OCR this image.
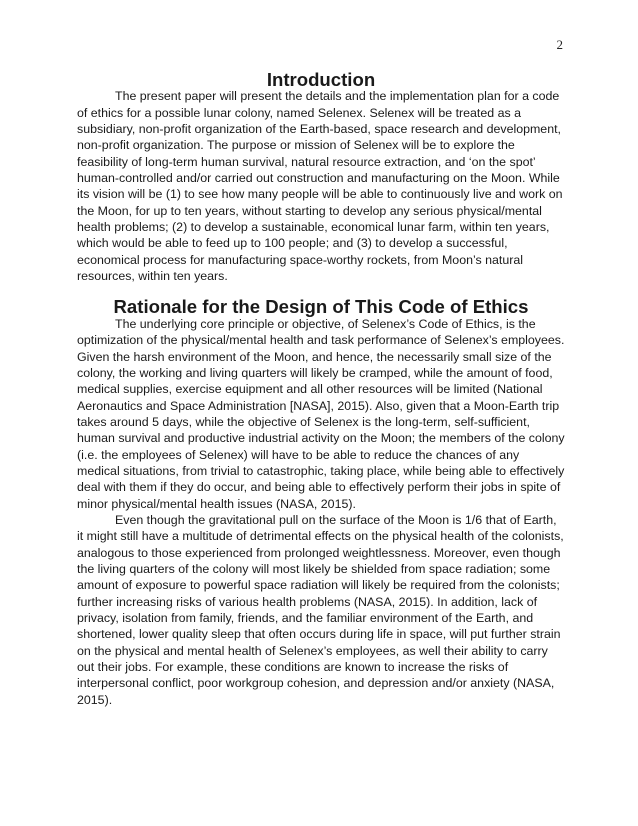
2
Introduction

The present paper will present the details and the implementation plan for a code of ethics for a possible lunar colony, named Selenex. Selenex will be treated as a subsidiary, non-profit organization of the Earth-based, space research and development, non-profit organization. The purpose or mission of Selenex will be to explore the feasibility of long-term human survival, natural resource extraction, and ‘on the spot’ human-controlled and/or carried out construction and manufacturing on the Moon. While its vision will be (1) to see how many people will be able to continuously live and work on the Moon, for up to ten years, without starting to develop any serious physical/mental health problems; (2) to develop a sustainable, economical lunar farm, within ten years, which would be able to feed up to 100 people; and (3) to develop a successful, economical process for manufacturing space-worthy rockets, from Moon’s natural resources, within ten years.

Rationale for the Design of This Code of Ethics

The underlying core principle or objective, of Selenex’s Code of Ethics, is the optimization of the physical/mental health and task performance of Selenex’s employees. Given the harsh environment of the Moon, and hence, the necessarily small size of the colony, the working and living quarters will likely be cramped, while the amount of food, medical supplies, exercise equipment and all other resources will be limited (National Aeronautics and Space Administration [NASA], 2015). Also, given that a Moon-Earth trip takes around 5 days, while the objective of Selenex is the long-term, self-sufficient, human survival and productive industrial activity on the Moon; the members of the colony (i.e. the employees of Selenex) will have to be able to reduce the chances of any medical situations, from trivial to catastrophic, taking place, while being able to effectively deal with them if they do occur, and being able to effectively perform their jobs in spite of minor physical/mental health issues (NASA, 2015).

Even though the gravitational pull on the surface of the Moon is 1/6 that of Earth, it might still have a multitude of detrimental effects on the physical health of the colonists, analogous to those experienced from prolonged weightlessness. Moreover, even though the living quarters of the colony will most likely be shielded from space radiation; some amount of exposure to powerful space radiation will likely be required from the colonists; further increasing risks of various health problems (NASA, 2015). In addition, lack of privacy, isolation from family, friends, and the familiar environment of the Earth, and shortened, lower quality sleep that often occurs during life in space, will put further strain on the physical and mental health of Selenex’s employees, as well their ability to carry out their jobs. For example, these conditions are known to increase the risks of interpersonal conflict, poor workgroup cohesion, and depression and/or anxiety (NASA, 2015).
